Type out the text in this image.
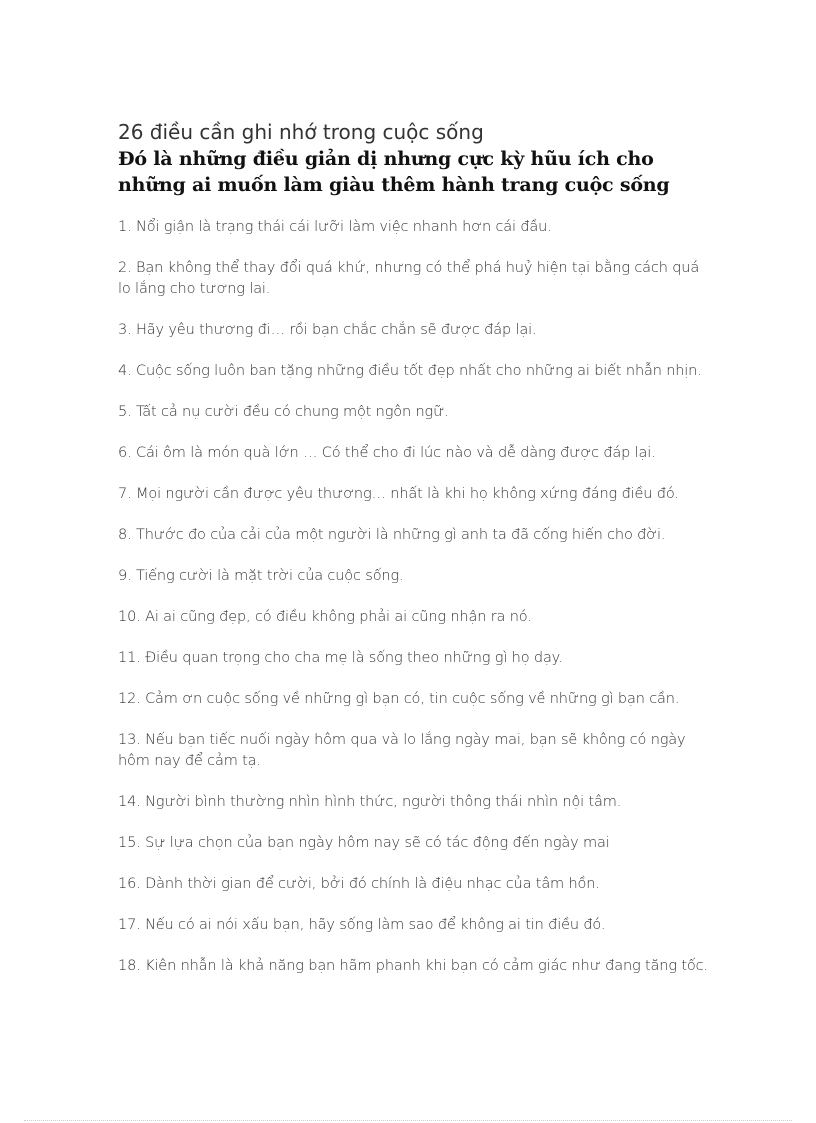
26 điều cần ghi nhớ trong cuộc sống
Đó là những điều giản dị nhưng cực kỳ hũu ích cho những ai muốn làm giàu thêm hành trang cuộc sống
1. Nổi giận là trạng thái cái lưỡi làm việc nhanh hơn cái đầu.
2. Bạn không thể thay đổi quá khứ, nhưng có thể phá huỷ hiện tại bằng cách quá lo lắng cho tương lai.
3. Hãy yêu thương đi… rồi bạn chắc chắn sẽ được đáp lại.
4. Cuộc sống luôn ban tặng những điều tốt đẹp nhất cho những ai biết nhẫn nhịn.
5. Tất cả nụ cười đều có chung một ngôn ngữ.
6. Cái ôm là món quà lớn … Có thể cho đi lúc nào và dễ dàng được đáp lại.
7. Mọi người cần được yêu thương… nhất là khi họ không xứng đáng điều đó.
8. Thước đo của cải của một người là những gì anh ta đã cống hiến cho đời.
9. Tiếng cười là mặt trời của cuộc sống.
10. Ai ai cũng đẹp, có điều không phải ai cũng nhận ra nó.
11. Điều quan trọng cho cha mẹ là sống theo những gì họ dạy.
12. Cảm ơn cuộc sống về những gì bạn có, tin cuộc sống về những gì bạn cần.
13. Nếu bạn tiếc nuối ngày hôm qua và lo lắng ngày mai, bạn sẽ không có ngày hôm nay để cảm tạ.
14. Người bình thường nhìn hình thức, người thông thái nhìn nội tâm.
15. Sự lựa chọn của bạn ngày hôm nay sẽ có tác động đến ngày mai
16. Dành thời gian để cười, bởi đó chính là điệu nhạc của tâm hồn.
17. Nếu có ai nói xấu bạn, hãy sống làm sao để không ai tin điều đó.
18. Kiên nhẫn là khả năng bạn hãm phanh khi bạn có cảm giác như đang tăng tốc.
